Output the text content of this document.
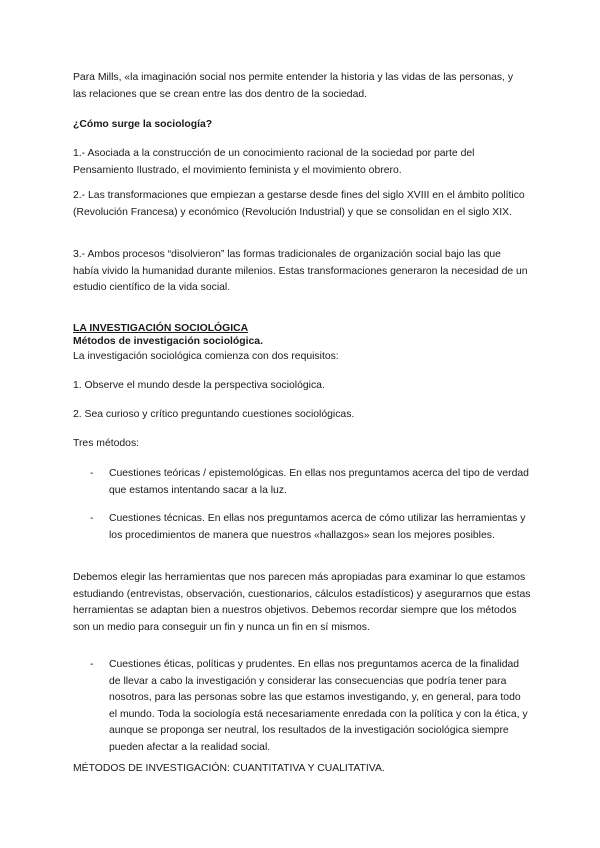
Para Mills, «la imaginación social nos permite entender la historia y las vidas de las personas, y las relaciones que se crean entre las dos dentro de la sociedad.

¿Cómo surge la sociología?

1.- Asociada a la construcción de un conocimiento racional de la sociedad por parte del Pensamiento Ilustrado, el movimiento feminista y el movimiento obrero.

2.- Las transformaciones que empiezan a gestarse desde fines del siglo XVIII en el ámbito político (Revolución Francesa) y económico (Revolución Industrial) y que se consolidan en el siglo XIX.

3.- Ambos procesos “disolvieron” las formas tradicionales de organización social bajo las que había vivido la humanidad durante milenios. Estas transformaciones generaron la necesidad de un estudio científico de la vida social.

LA INVESTIGACIÓN SOCIOLÓGICA

Métodos de investigación sociológica.

La investigación sociológica comienza con dos requisitos:

1. Observe el mundo desde la perspectiva sociológica.

2. Sea curioso y crítico preguntando cuestiones sociológicas.

Tres métodos:

- Cuestiones teóricas / epistemológicas. En ellas nos preguntamos acerca del tipo de verdad que estamos intentando sacar a la luz.

- Cuestiones técnicas. En ellas nos preguntamos acerca de cómo utilizar las herramientas y los procedimientos de manera que nuestros «hallazgos» sean los mejores posibles.

Debemos elegir las herramientas que nos parecen más apropiadas para examinar lo que estamos estudiando (entrevistas, observación, cuestionarios, cálculos estadísticos) y asegurarnos que estas herramientas se adaptan bien a nuestros objetivos. Debemos recordar siempre que los métodos son un medio para conseguir un fin y nunca un fin en sí mismos.

- Cuestiones éticas, políticas y prudentes. En ellas nos preguntamos acerca de la finalidad de llevar a cabo la investigación y considerar las consecuencias que podría tener para nosotros, para las personas sobre las que estamos investigando, y, en general, para todo el mundo. Toda la sociología está necesariamente enredada con la política y con la ética, y aunque se proponga ser neutral, los resultados de la investigación sociológica siempre pueden afectar a la realidad social.

MÉTODOS DE INVESTIGACIÓN: CUANTITATIVA Y CUALITATIVA.
